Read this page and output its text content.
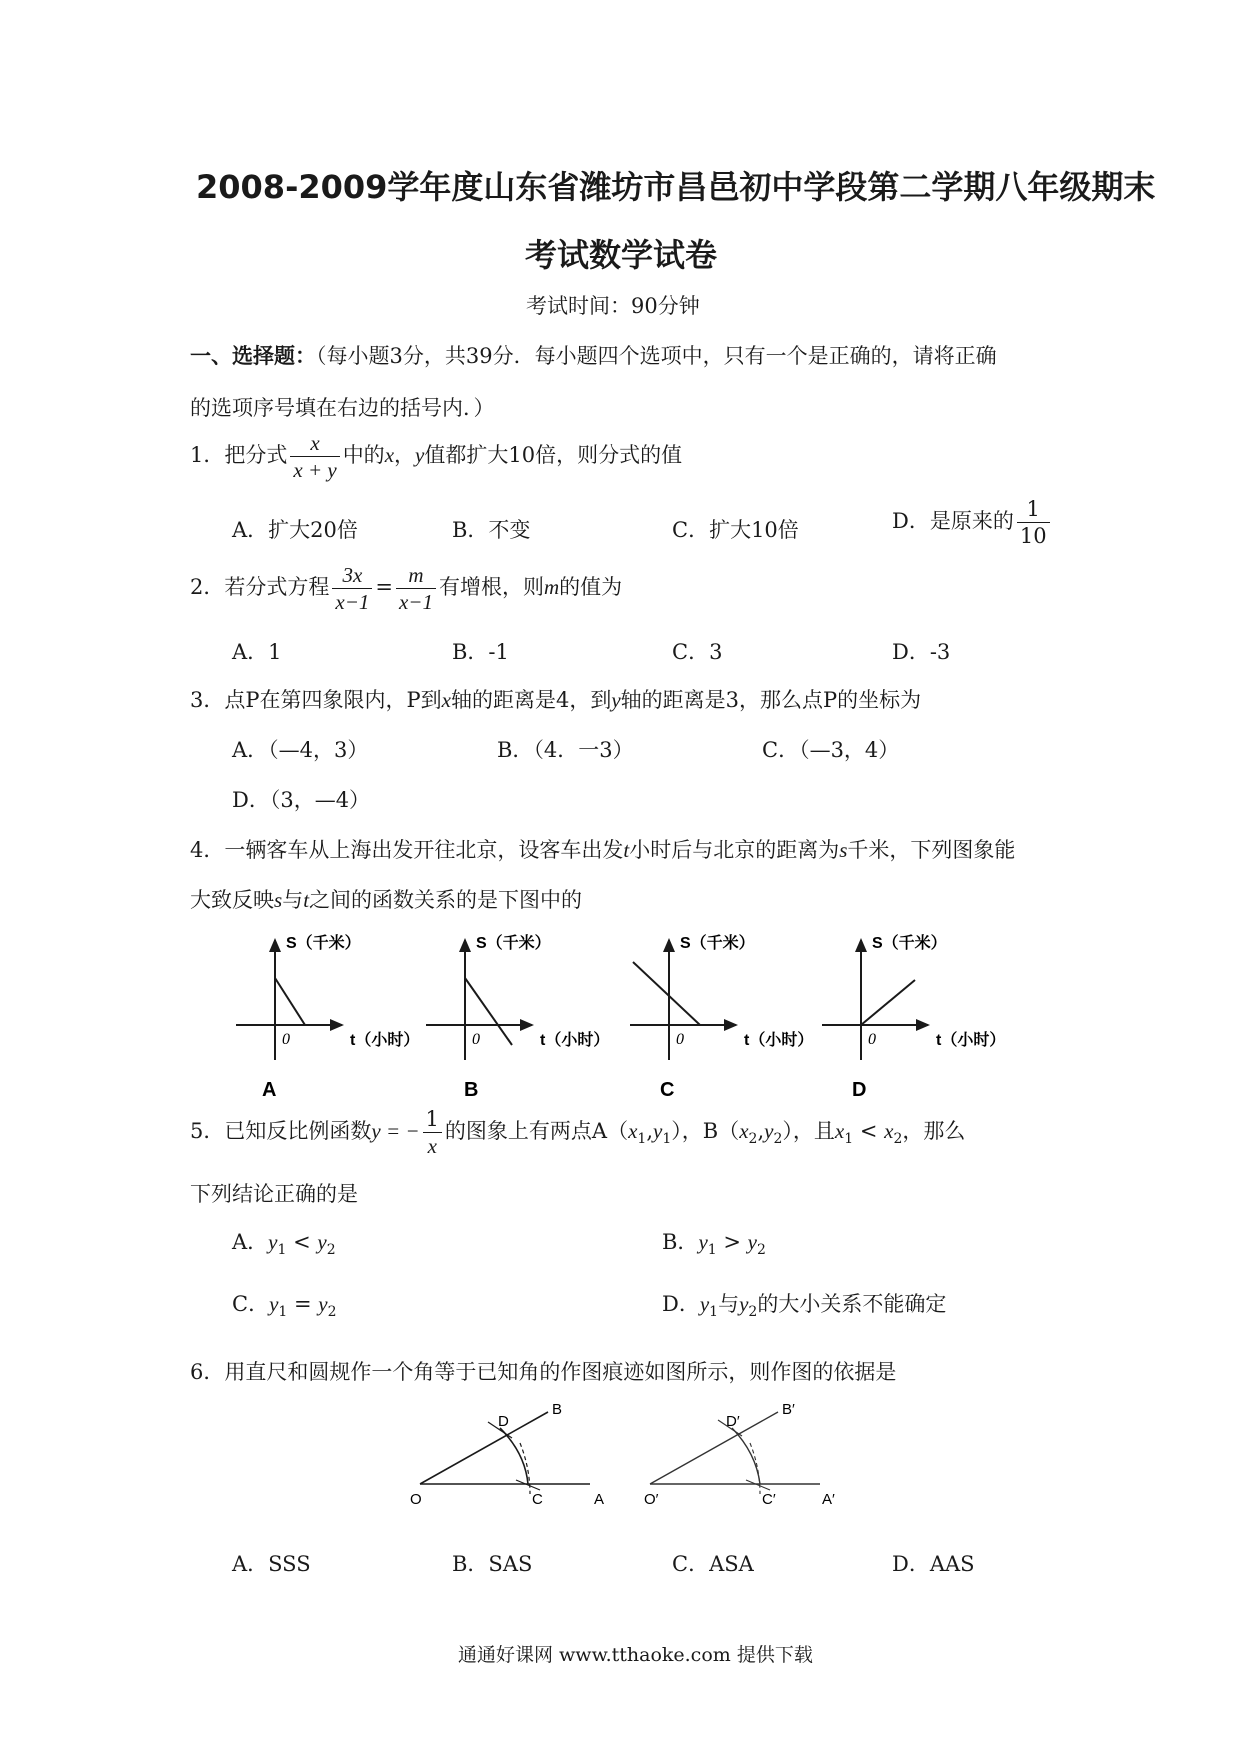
2008-2009学年度山东省潍坊市昌邑初中学段第二学期八年级期末
考试数学试卷
考试时间：90分钟
一、选择题：（每小题3分，共39分．每小题四个选项中，只有一个是正确的，请将正确
的选项序号填在右边的括号内．）
1．把分式 $\frac{x}{x + y}$ 中的x，y值都扩大10倍，则分式的值
A．扩大20倍	B．不变	C．扩大10倍	D．是原来的 $\frac{1}{10}$
2．若分式方程 $\frac{3x}{x-1} = \frac{m}{x-1}$ 有增根，则m的值为
A．1	B．-1	C．3	D．-3
3．点P在第四象限内，P到x轴的距离是4，到y轴的距离是3，那么点P的坐标为
A．（—4，3）	B．（4．一3）	C．（—3，4）
D．（3，—4）
4．一辆客车从上海出发开往北京，设客车出发t小时后与北京的距离为s千米，下列图象能
大致反映s与t之间的函数关系的是下图中的
S（千米）
t（小时）
0
A
S（千米）
t（小时）
0
B
S（千米）
t（小时）
0
C
S（千米）
t（小时）
0
D
5．已知反比例函数y = − $\frac{1}{x}$ 的图象上有两点$A(x_1,y_1)$，$B(x_2,y_2)$，且$x_1 < x_2$，那么
下列结论正确的是
A．$y_1 < y_2$	B．$y_1 > y_2$
C．$y_1 = y_2$	D．$y_1$与$y_2$的大小关系不能确定
6．用直尺和圆规作一个角等于已知角的作图痕迹如图所示，则作图的依据是
O	C	A
D
B
O′	C′	A′
D′
B′
A．SSS	B．SAS	C．ASA	D．AAS
通通好课网 www.tthaoke.com 提供下载
